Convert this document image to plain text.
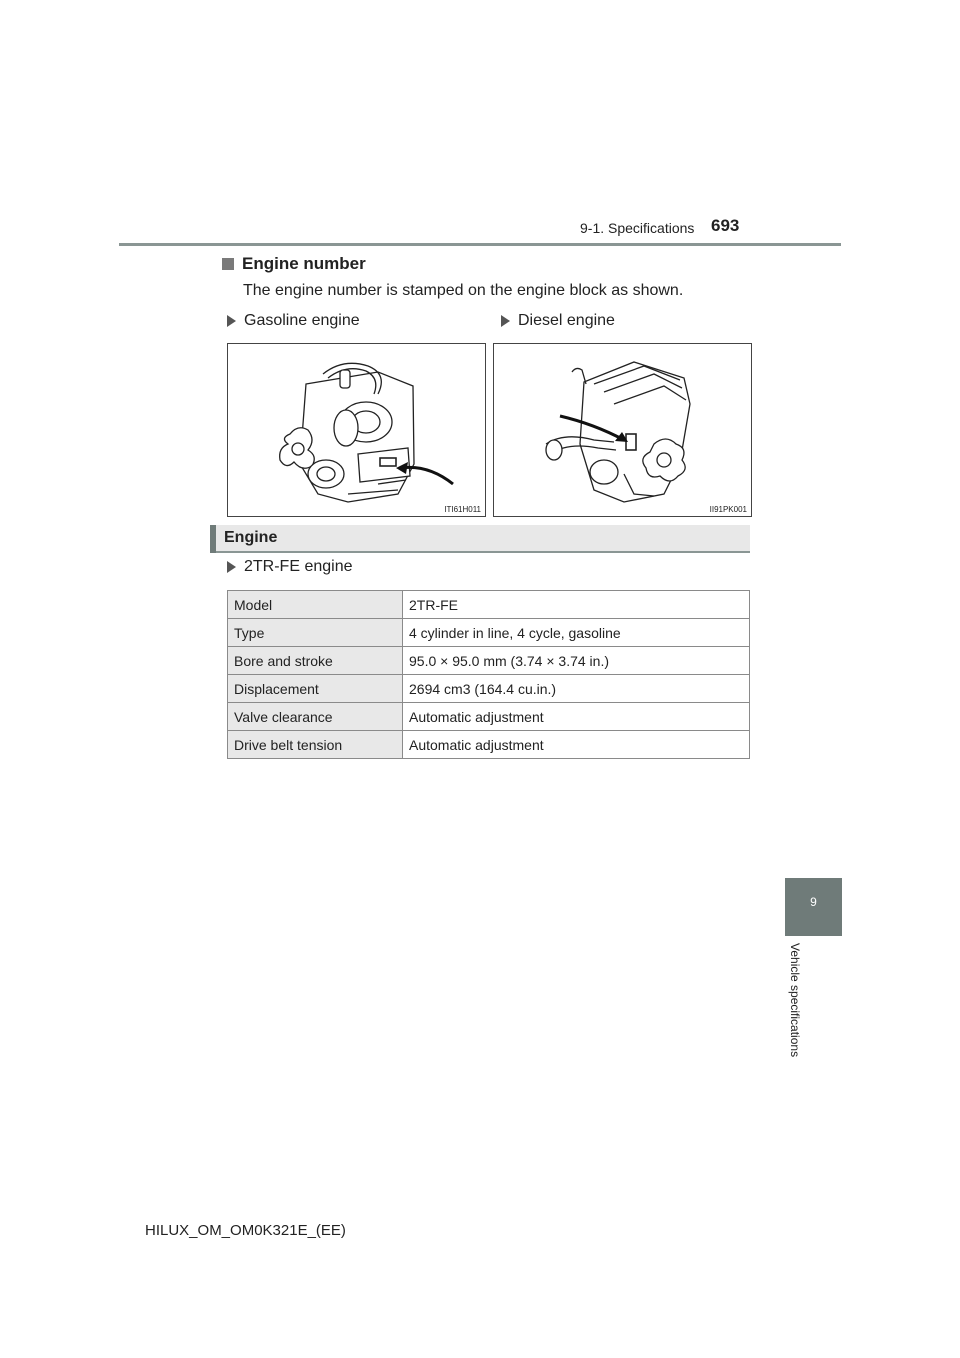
9-1. Specifications 693
Engine number
The engine number is stamped on the engine block as shown.
Gasoline engine	Diesel engine
ITI61H011	II91PK001
Engine
2TR-FE engine
Model	2TR-FE
Type	4 cylinder in line, 4 cycle, gasoline
Bore and stroke	95.0 × 95.0 mm (3.74 × 3.74 in.)
Displacement	2694 cm3 (164.4 cu.in.)
Valve clearance	Automatic adjustment
Drive belt tension	Automatic adjustment
9
Vehicle specifications
HILUX_OM_OM0K321E_(EE)
